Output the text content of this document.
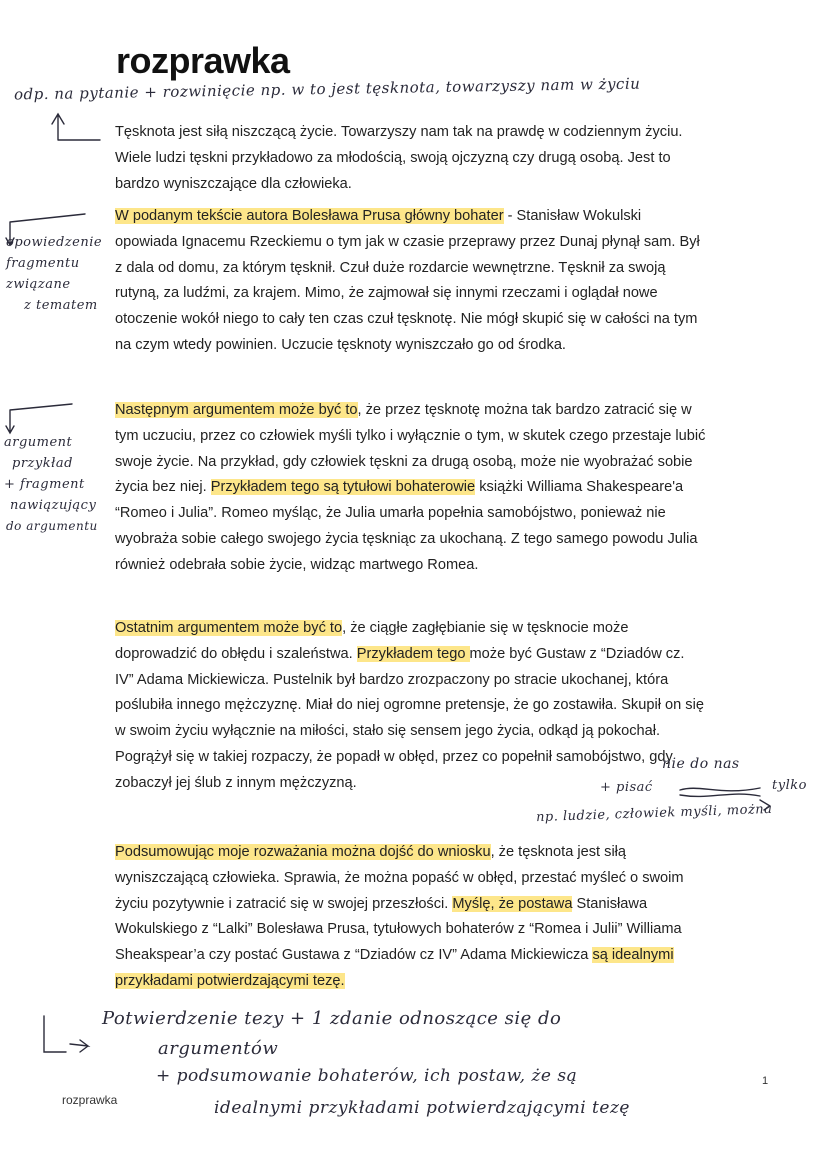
rozprawka
odp. na pytanie + rozwinięcie np. w to jest tęsknota, towarzyszy nam w życiu
Tęsknota jest siłą niszczącą życie. Towarzyszy nam tak na prawdę w codziennym życiu. Wiele ludzi tęskni przykładowo za młodością, swoją ojczyzną czy drugą osobą. Jest to bardzo wyniszczające dla człowieka.
W podanym tekście autora Bolesława Prusa główny bohater - Stanisław Wokulski opowiada Ignacemu Rzeckiemu o tym jak w czasie przeprawy przez Dunaj płynął sam. Był z dala od domu, za którym tęsknił. Czuł duże rozdarcie wewnętrzne. Tęsknił za swoją rutyną, za ludźmi, za krajem. Mimo, że zajmował się innymi rzeczami i oglądał nowe otoczenie wokół niego to cały ten czas czuł tęsknotę. Nie mógł skupić się w całości na tym na czym wtedy powinien. Uczucie tęsknoty wyniszczało go od środka.
Następnym argumentem może być to, że przez tęsknotę można tak bardzo zatracić się w tym uczuciu, przez co człowiek myśli tylko i wyłącznie o tym, w skutek czego przestaje lubić swoje życie. Na przykład, gdy człowiek tęskni za drugą osobą, może nie wyobrażać sobie życia bez niej. Przykładem tego są tytułowi bohaterowie książki Williama Shakespeare'a “Romeo i Julia”. Romeo myśląc, że Julia umarła popełnia samobójstwo, ponieważ nie wyobraża sobie całego swojego życia tęskniąc za ukochaną. Z tego samego powodu Julia również odebrała sobie życie, widząc martwego Romea.
Ostatnim argumentem może być to, że ciągłe zagłębianie się w tęsknocie może doprowadzić do obłędu i szaleństwa. Przykładem tego może być Gustaw z “Dziadów cz. IV” Adama Mickiewicza. Pustelnik był bardzo zrozpaczony po stracie ukochanej, która poślubiła innego mężczyznę. Miał do niej ogromne pretensje, że go zostawiła. Skupił on się w swoim życiu wyłącznie na miłości, stało się sensem jego życia, odkąd ją pokochał. Pogrążył się w takiej rozpaczy, że popadł w obłęd, przez co popełnił samobójstwo, gdy zobaczył jej ślub z innym mężczyzną.
Podsumowując moje rozważania można dojść do wniosku, że tęsknota jest siłą wyniszczającą człowieka. Sprawia, że można popaść w obłęd, przestać myśleć o swoim życiu pozytywnie i zatracić się w swojej przeszłości. Myślę, że postawa Stanisława Wokulskiego z “Lalki” Bolesława Prusa, tytułowych bohaterów z “Romea i Julii” Williama Sheakspear’a czy postać Gustawa z “Dziadów cz IV” Adama Mickiewicza są idealnymi przykładami potwierdzającymi tezę.
opowiedzenie
fragmentu
związane
z tematem
argument
przykład
+ fragment
nawiązujący
do argumentu
nie do nas
+ pisać	tylko
np. ludzie, człowiek myśli, można
Potwierdzenie tezy + 1 zdanie odnoszące się do
argumentów
+ podsumowanie bohaterów, ich postaw, że są
idealnymi przykładami potwierdzającymi tezę
rozprawka
1
